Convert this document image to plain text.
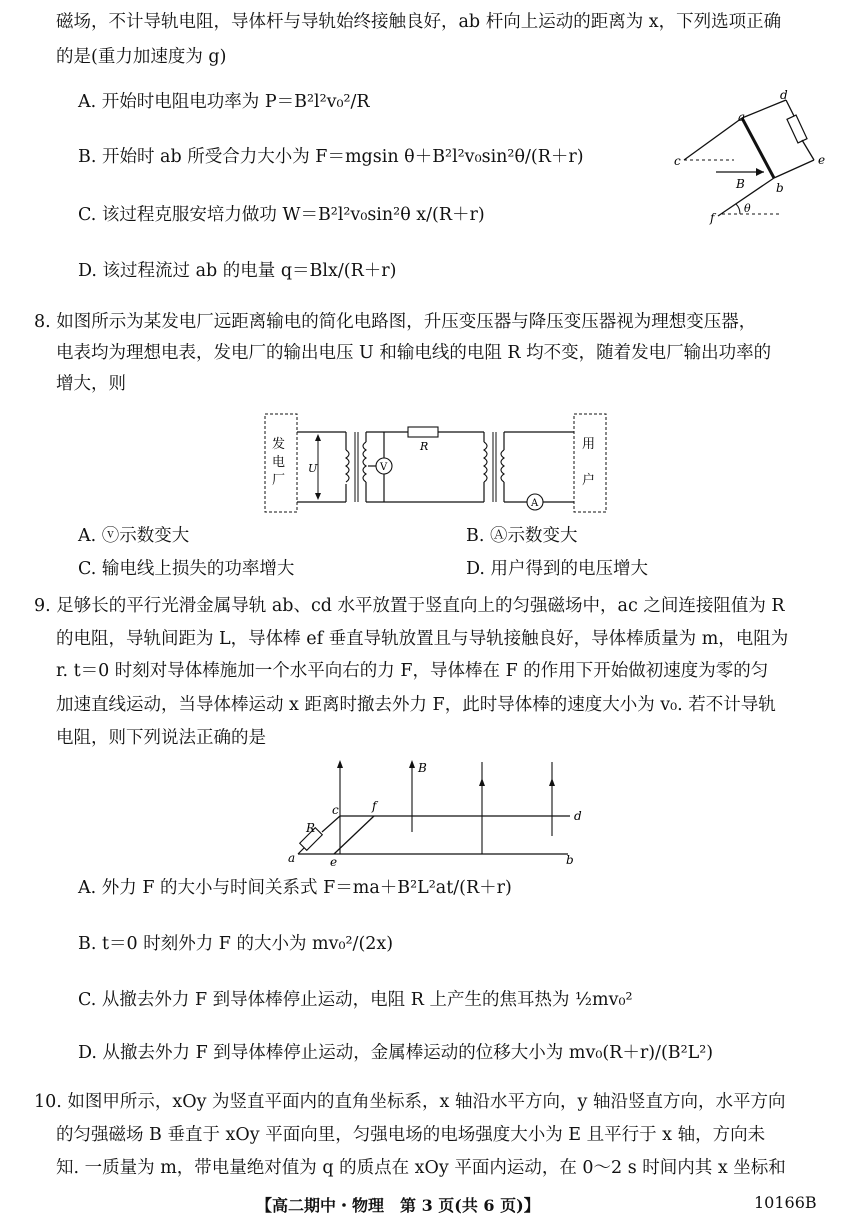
磁场，不计导轨电阻，导体杆与导轨始终接触良好，ab 杆向上运动的距离为 x，下列选项正确
的是(重力加速度为 g)
A. 开始时电阻电功率为 P＝B²l²v₀²/R
B. 开始时 ab 所受合力大小为 F＝mgsin θ＋B²l²v₀sin²θ/(R＋r)
C. 该过程克服安培力做功 W＝B²l²v₀sin²θ x/(R＋r)
D. 该过程流过 ab 的电量 q＝Blx/(R＋r)
a
b
c
d
e
f
B
θ
8. 如图所示为某发电厂远距离输电的简化电路图，升压变压器与降压变压器视为理想变压器，
电表均为理想电表，发电厂的输出电压 U 和输电线的电阻 R 均不变，随着发电厂输出功率的
增大，则
发
电
厂
U	V
R
A
用
户
A. ⓥ示数变大	B. Ⓐ示数变大
C. 输电线上损失的功率增大	D. 用户得到的电压增大
9. 足够长的平行光滑金属导轨 ab、cd 水平放置于竖直向上的匀强磁场中，ac 之间连接阻值为 R
的电阻，导轨间距为 L，导体棒 ef 垂直导轨放置且与导轨接触良好，导体棒质量为 m，电阻为
r. t＝0 时刻对导体棒施加一个水平向右的力 F，导体棒在 F 的作用下开始做初速度为零的匀
加速直线运动，当导体棒运动 x 距离时撤去外力 F，此时导体棒的速度大小为 v₀. 若不计导轨
电阻，则下列说法正确的是
B
R
c	f
d
a	e	b
A. 外力 F 的大小与时间关系式 F＝ma＋B²L²at/(R＋r)
B. t＝0 时刻外力 F 的大小为 mv₀²/(2x)
C. 从撤去外力 F 到导体棒停止运动，电阻 R 上产生的焦耳热为 ½mv₀²
D. 从撤去外力 F 到导体棒停止运动，金属棒运动的位移大小为 mv₀(R＋r)/(B²L²)
10. 如图甲所示，xOy 为竖直平面内的直角坐标系，x 轴沿水平方向，y 轴沿竖直方向，水平方向
的匀强磁场 B 垂直于 xOy 平面向里，匀强电场的电场强度大小为 E 且平行于 x 轴，方向未
知. 一质量为 m，带电量绝对值为 q 的质点在 xOy 平面内运动，在 0～2 s 时间内其 x 坐标和
【高二期中・物理　第 3 页(共 6 页)】	10166B
